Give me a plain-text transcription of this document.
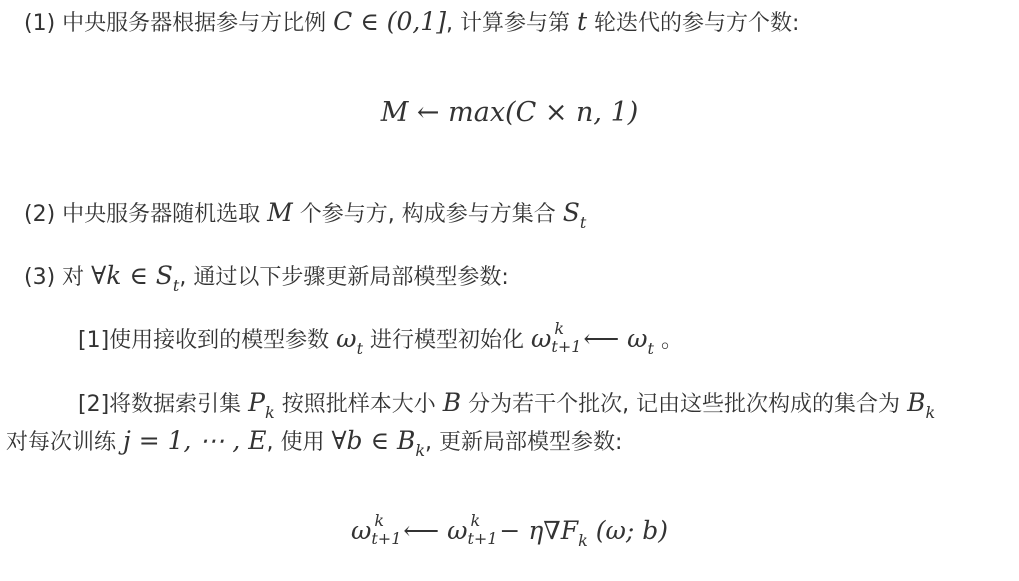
(1) 中央服务器根据参与方比例 C ∈ (0,1], 计算参与第 t 轮迭代的参与方个数:
M ← max(C × n, 1)
(2) 中央服务器随机选取 M 个参与方, 构成参与方集合 $S_t$
(3) 对 ∀k ∈ $S_t$, 通过以下步骤更新局部模型参数:
[1]使用接收到的模型参数 $\omega_t$ 进行模型初始化 ω k
t+1
⟵ $\omega_t$ 。
[2]将数据索引集 $P_k$ 按照批样本大小 B 分为若干个批次, 记由这些批次构成的集合为 $B_k$
对每次训练 j = 1, ⋯ , E, 使用 ∀b ∈ $B_k$, 更新局部模型参数:
ω k
t+1
⟵ ω k
t+1
− $\eta\nabla F_k$ (ω; b)
